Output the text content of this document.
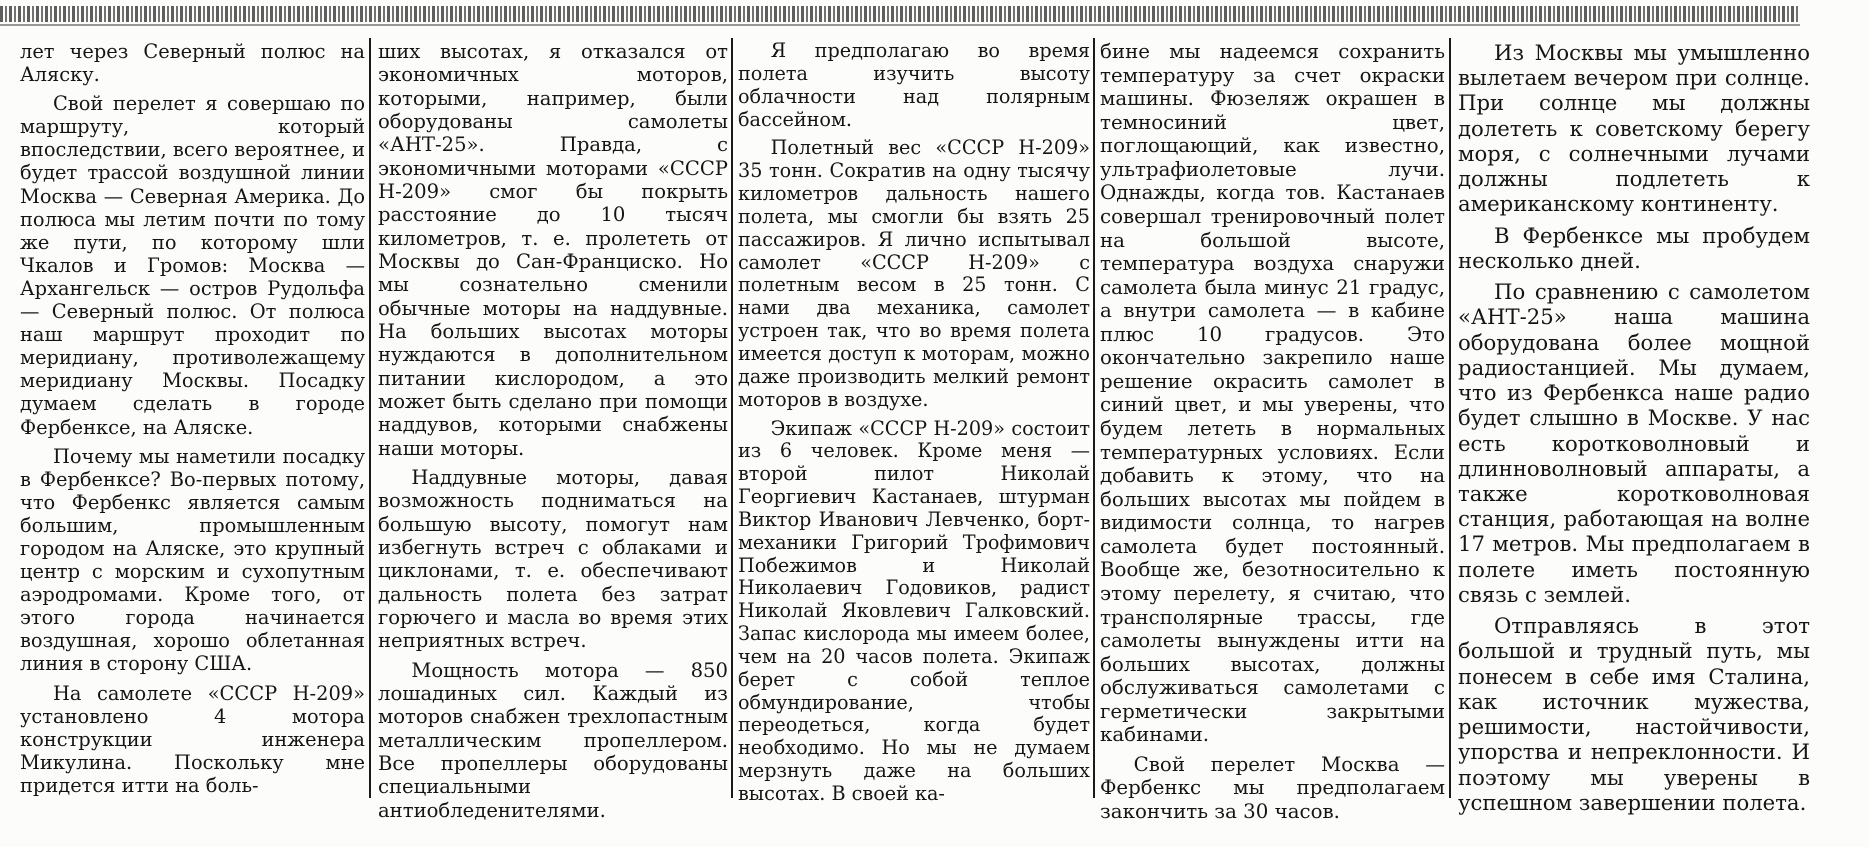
лет через Северный полюс на Аляску.

Свой перелет я совершаю по маршруту, который впоследствии, всего вероятнее, и будет трассой воздушной линии Москва — Северная Америка. До полюса мы летим почти по тому же пути, по которому шли Чкалов и Громов: Москва — Архангельск — остров Рудольфа — Северный полюс. От полюса наш маршрут проходит по меридиану, противолежащему меридиану Москвы. Посадку думаем сделать в городе Фербенксе, на Аляске.

Почему мы наметили посадку в Фербенксе? Во-первых потому, что Фербенкс является самым большим, промышленным городом на Аляске, это крупный центр с морским и сухопутным аэродромами. Кроме того, от этого города начинается воздушная, хорошо облетанная линия в сторону США.

На самолете «СССР Н-209» установлено 4 мотора конструкции инженера Микулина. Поскольку мне придется итти на боль-

ших высотах, я отказался от экономичных моторов, которыми, например, были оборудованы самолеты «АНТ-25». Правда, с экономичными моторами «СССР Н-209» смог бы покрыть расстояние до 10 тысяч километров, т. е. пролететь от Москвы до Сан-Франциско. Но мы сознательно сменили обычные моторы на наддувные. На больших высотах моторы нуждаются в дополнительном питании кислородом, а это может быть сделано при помощи наддувов, которыми снабжены наши моторы.

Наддувные моторы, давая возможность подниматься на большую высоту, помогут нам избегнуть встреч с облаками и циклонами, т. е. обеспечивают дальность полета без затрат горючего и масла во время этих неприятных встреч.

Мощность мотора — 850 лошадиных сил. Каждый из моторов снабжен трехлопастным металлическим пропеллером. Все пропеллеры оборудованы специальными антиобледенителями.

Я предполагаю во время полета изучить высоту облачности над полярным бассейном.

Полетный вес «СССР Н-209» 35 тонн. Сократив на одну тысячу километров дальность нашего полета, мы смогли бы взять 25 пассажиров. Я лично испытывал самолет «СССР Н-209» с полетным весом в 25 тонн. С нами два механика, самолет устроен так, что во время полета имеется доступ к моторам, можно даже производить мелкий ремонт моторов в воздухе.

Экипаж «СССР Н-209» состоит из 6 человек. Кроме меня — второй пилот Николай Георгиевич Кастанаев, штурман Виктор Иванович Левченко, борт-механики Григорий Трофимович Побежимов и Николай Николаевич Годовиков, радист Николай Яковлевич Галковский. Запас кислорода мы имеем более, чем на 20 часов полета. Экипаж берет с собой теплое обмундирование, чтобы переодеться, когда будет необходимо. Но мы не думаем мерзнуть даже на больших высотах. В своей ка-

бине мы надеемся сохранить температуру за счет окраски машины. Фюзеляж окрашен в темносиний цвет, поглощающий, как известно, ультрафиолетовые лучи. Однажды, когда тов. Кастанаев совершал тренировочный полет на большой высоте, температура воздуха снаружи самолета была минус 21 градус, а внутри самолета — в кабине плюс 10 градусов. Это окончательно закрепило наше решение окрасить самолет в синий цвет, и мы уверены, что будем лететь в нормальных температурных условиях. Если добавить к этому, что на больших высотах мы пойдем в видимости солнца, то нагрев самолета будет постоянный. Вообще же, безотносительно к этому перелету, я считаю, что трансполярные трассы, где самолеты вынуждены итти на больших высотах, должны обслуживаться самолетами с герметически закрытыми кабинами.

Свой перелет Москва — Фербенкс мы предполагаем закончить за 30 часов.

Из Москвы мы умышленно вылетаем вечером при солнце. При солнце мы должны долететь к советскому берегу моря, с солнечными лучами должны подлететь к американскому континенту.

В Фербенксе мы пробудем несколько дней.

По сравнению с самолетом «АНТ-25» наша машина оборудована более мощной радиостанцией. Мы думаем, что из Фербенкса наше радио будет слышно в Москве. У нас есть коротковолновый и длинноволновый аппараты, а также коротковолновая станция, работающая на волне 17 метров. Мы предполагаем в полете иметь постоянную связь с землей.

Отправляясь в этот большой и трудный путь, мы понесем в себе имя Сталина, как источник мужества, решимости, настойчивости, упорства и непреклонности. И поэтому мы уверены в успешном завершении полета.
